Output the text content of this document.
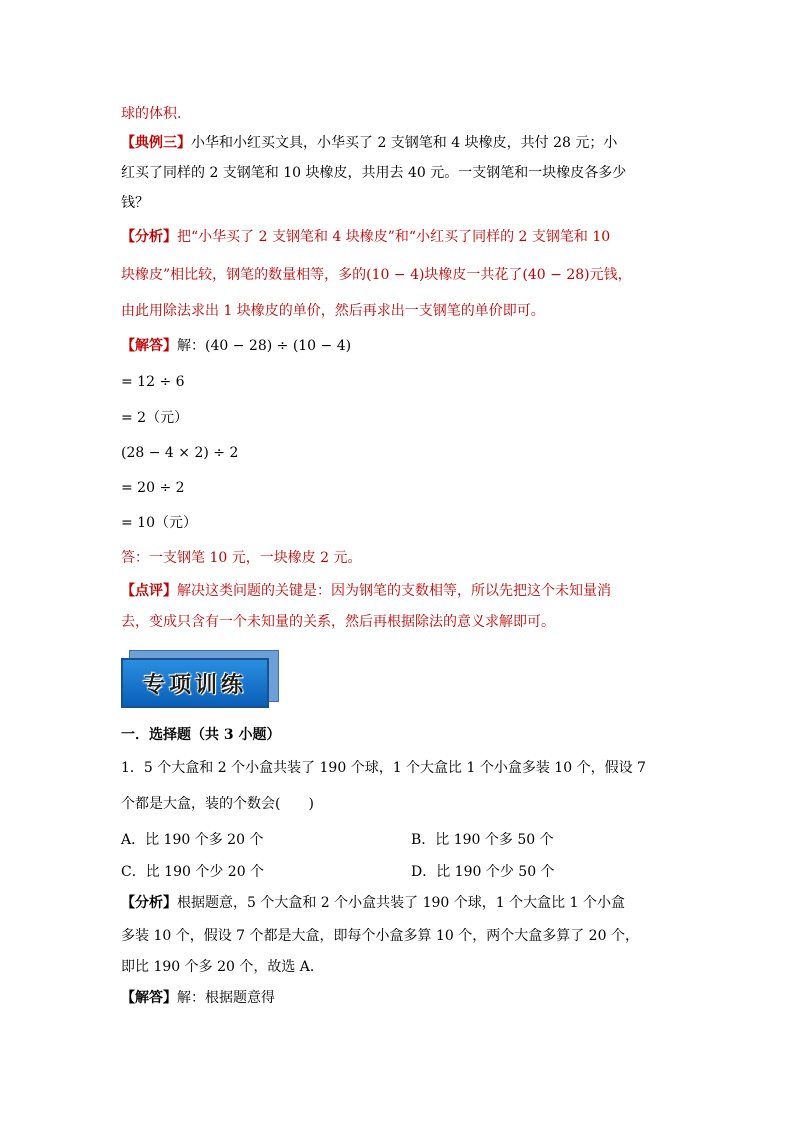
球的体积.
【典例三】小华和小红买文具，小华买了 2 支钢笔和 4 块橡皮，共付 28 元；小
红买了同样的 2 支钢笔和 10 块橡皮，共用去 40 元。一支钢笔和一块橡皮各多少
钱？
【分析】把“小华买了 2 支钢笔和 4 块橡皮”和“小红买了同样的 2 支钢笔和 10
块橡皮”相比较，钢笔的数量相等，多的(10 − 4)块橡皮一共花了(40 − 28)元钱，
由此用除法求出 1 块橡皮的单价，然后再求出一支钢笔的单价即可。
【解答】解：(40 − 28) ÷ (10 − 4)
= 12 ÷ 6
= 2（元）
(28 − 4 × 2) ÷ 2
= 20 ÷ 2
= 10（元）
答：一支钢笔 10 元，一块橡皮 2 元。
【点评】解决这类问题的关键是：因为钢笔的支数相等，所以先把这个未知量消
去，变成只含有一个未知量的关系，然后再根据除法的意义求解即可。
专项训练
一．选择题（共 3 小题）
1．5 个大盒和 2 个小盒共装了 190 个球，1 个大盒比 1 个小盒多装 10 个，假设 7
个都是大盒，装的个数会(　　)
A．比 190 个多 20 个	B．比 190 个多 50 个
C．比 190 个少 20 个	D．比 190 个少 50 个
【分析】根据题意，5 个大盒和 2 个小盒共装了 190 个球，1 个大盒比 1 个小盒
多装 10 个，假设 7 个都是大盒，即每个小盒多算 10 个，两个大盒多算了 20 个，
即比 190 个多 20 个，故选 A．
【解答】解：根据题意得
